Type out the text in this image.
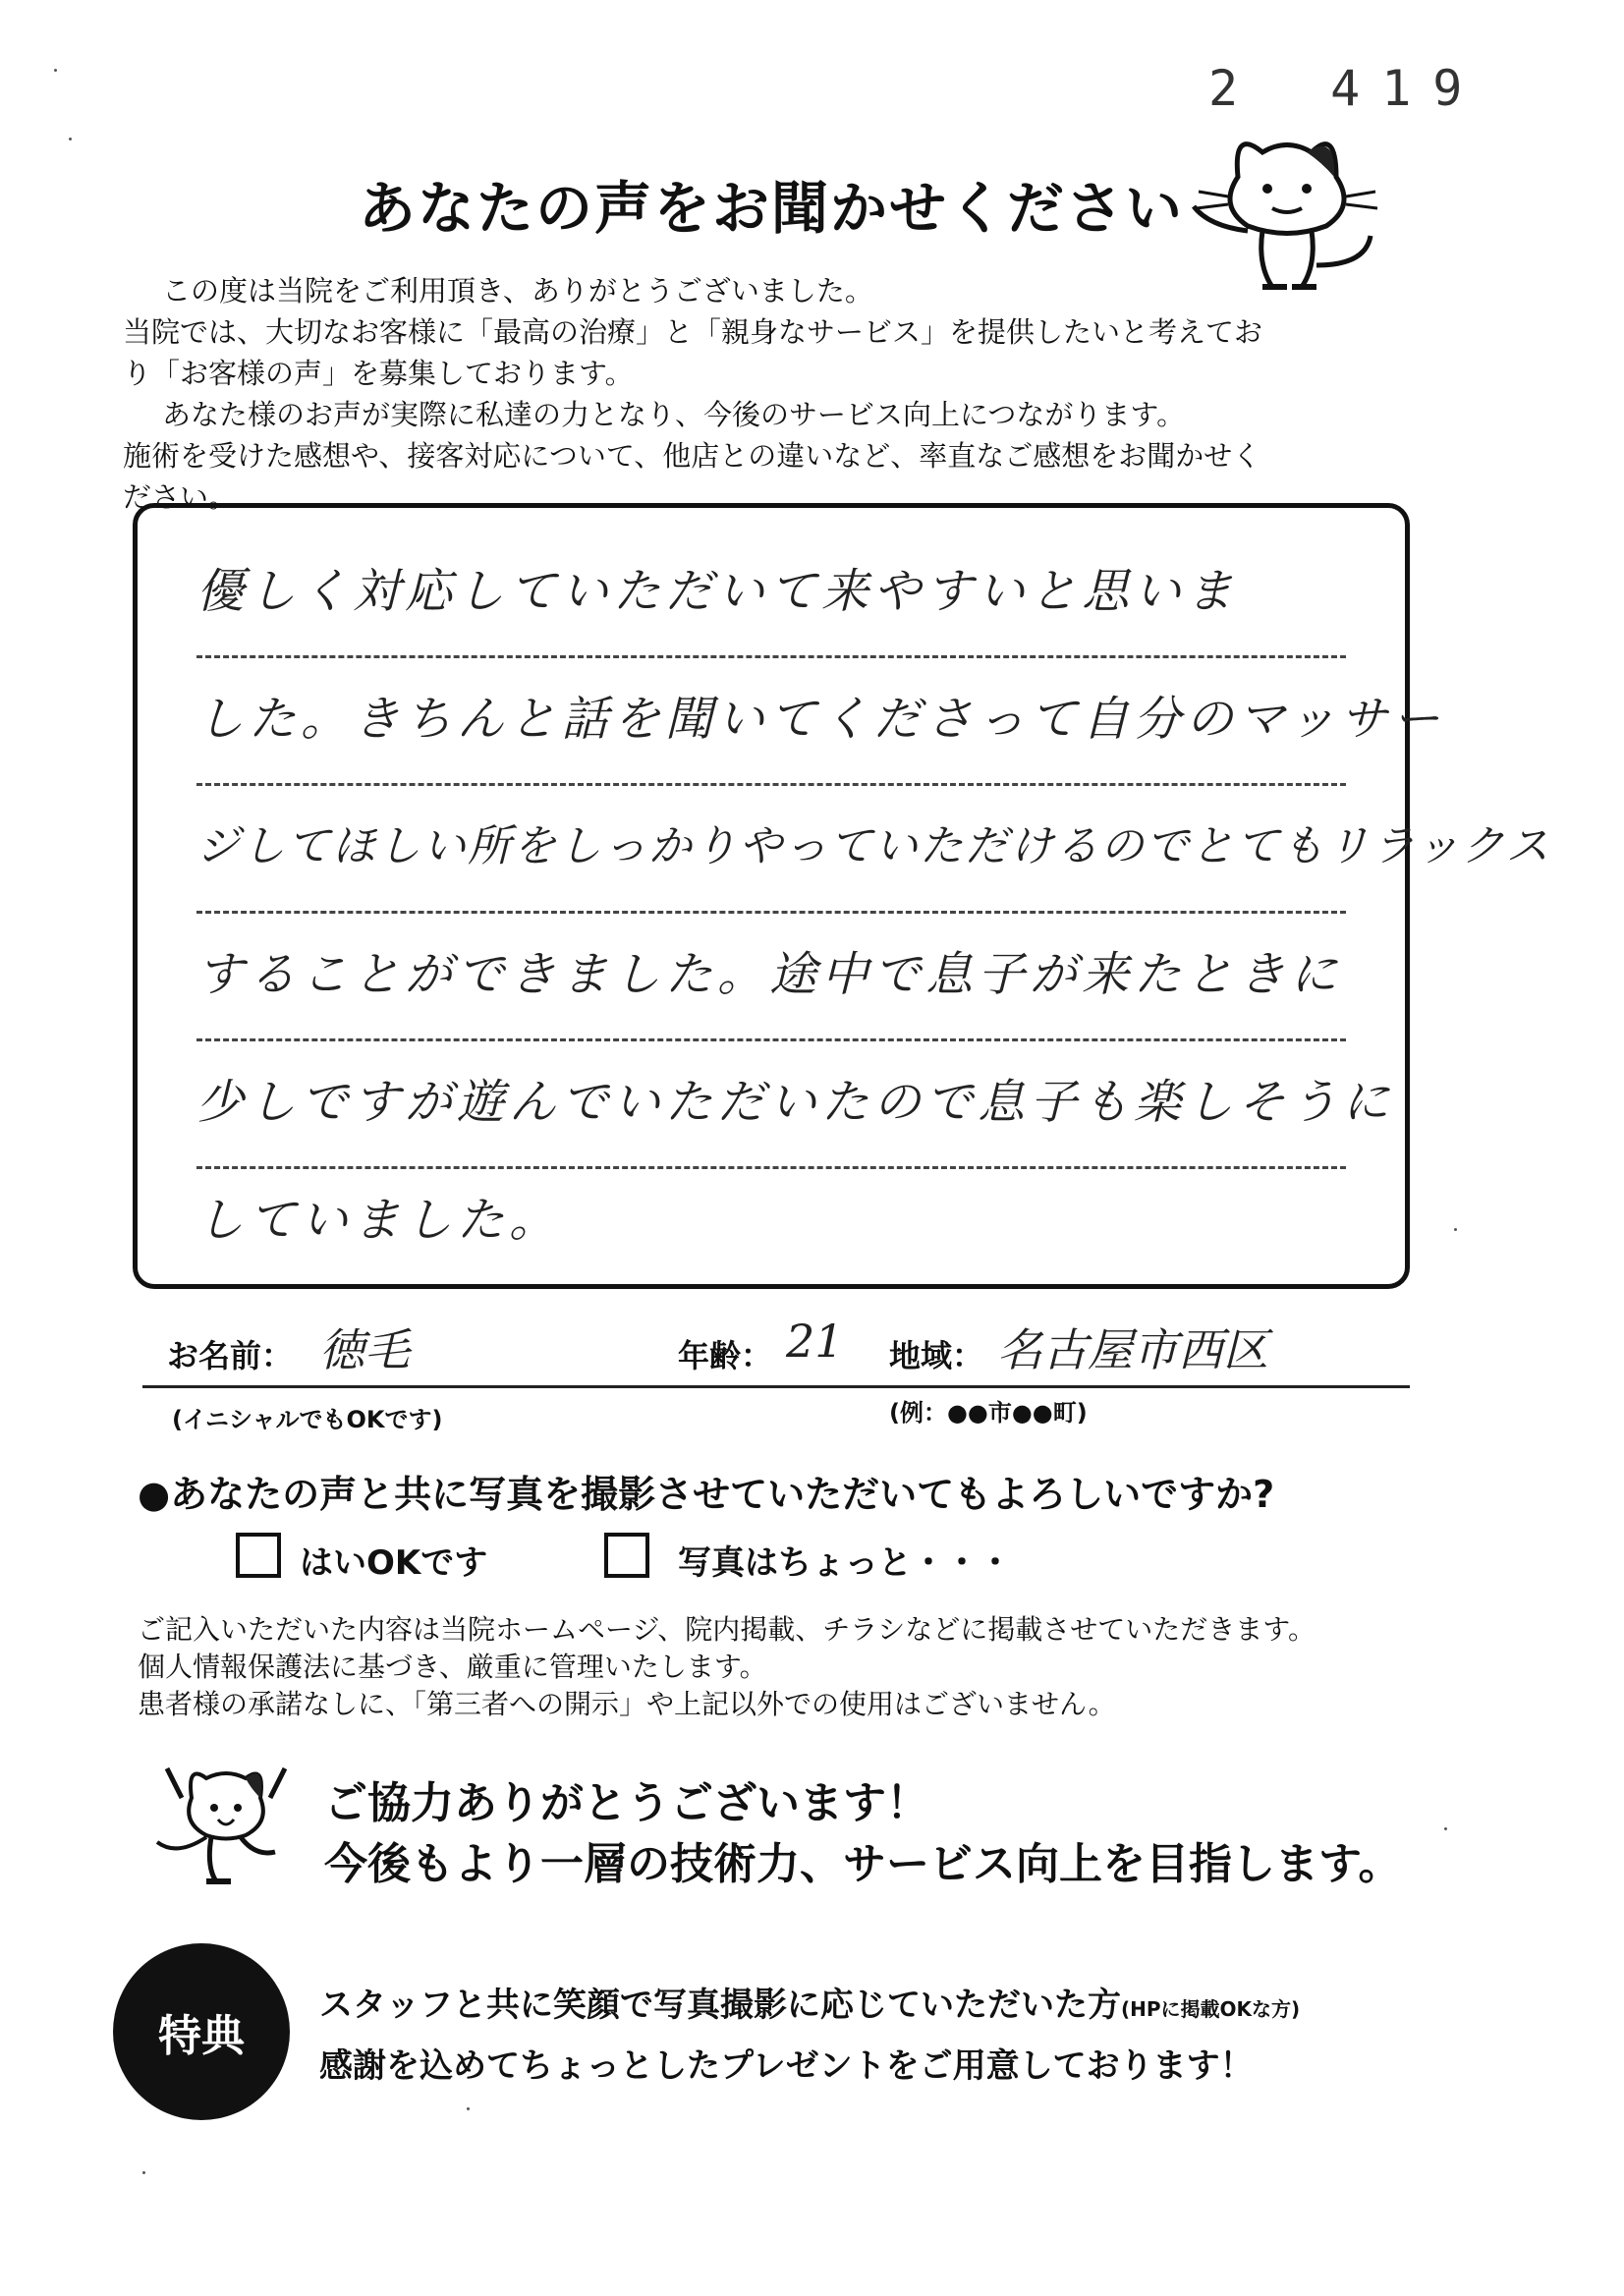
2　419
あなたの声をお聞かせください

この度は当院をご利用頂き、ありがとうございました。

当院では、大切なお客様に「最高の治療」と「親身なサービス」を提供したいと考えてお

り「お客様の声」を募集しております。

あなた様のお声が実際に私達の力となり、今後のサービス向上につながります。

施術を受けた感想や、接客対応について、他店との違いなど、率直なご感想をお聞かせく

ださい。

優しく対応していただいて来やすいと思いま
した。きちんと話を聞いてくださって自分のマッサー
ジしてほしい所をしっかりやっていただけるのでとてもリラックス
することができました。途中で息子が来たときに
少しですが遊んでいただいたので息子も楽しそうに
していました。
お名前： 徳毛	年齢： 21 地域： 名古屋市西区
(イニシャルでもOKです)	(例：●●市●●町)
●あなたの声と共に写真を撮影させていただいてもよろしいですか?
はいOKです	写真はちょっと・・・

ご記入いただいた内容は当院ホームページ、院内掲載、チラシなどに掲載させていただきます。

個人情報保護法に基づき、厳重に管理いたします。

患者様の承諾なしに、「第三者への開示」や上記以外での使用はございません。

ご協力ありがとうございます！

今後もより一層の技術力、サービス向上を目指します。

特典

スタッフと共に笑顔で写真撮影に応じていただいた方(HPに掲載OKな方)

感謝を込めてちょっとしたプレゼントをご用意しております！
